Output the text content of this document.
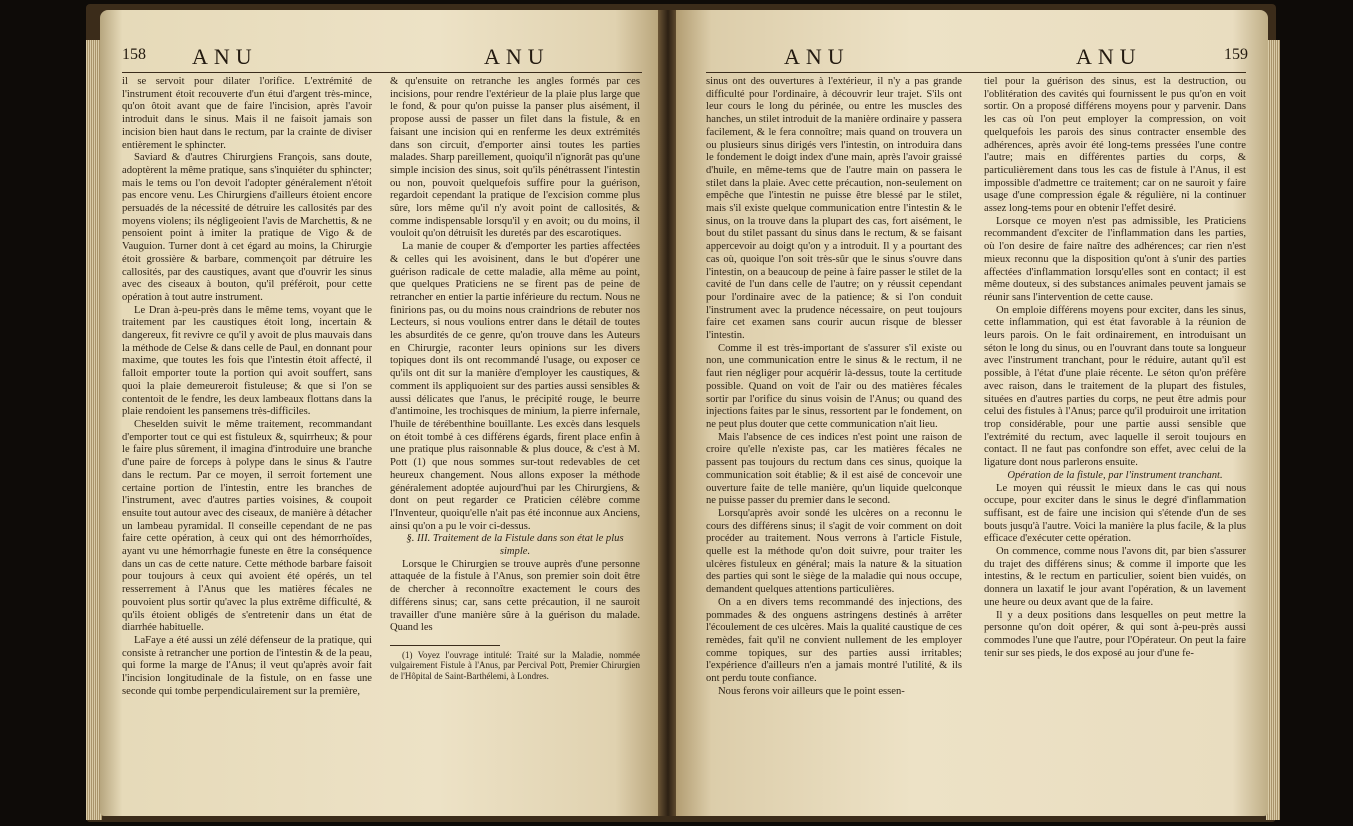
158 ANU	ANU

il se servoit pour dilater l'orifice. L'extrémité de l'instrument étoit recouverte d'un étui d'argent très-mince, qu'on ôtoit avant que de faire l'incision, après l'avoir introduit dans le sinus. Mais il ne faisoit jamais son incision bien haut dans le rectum, par la crainte de diviser entièrement le sphincter.

Saviard & d'autres Chirurgiens François, sans doute, adoptèrent la même pratique, sans s'inquiéter du sphincter; mais le tems ou l'on devoit l'adopter généralement n'étoit pas encore venu. Les Chirurgiens d'ailleurs étoient encore persuadés de la nécessité de détruire les callosités par des moyens violens; ils négligeoient l'avis de Marchettis, & ne pensoient point à imiter la pratique de Vigo & de Vauguion. Turner dont à cet égard au moins, la Chirurgie étoit grossière & barbare, commençoit par détruire les callosités, par des caustiques, avant que d'ouvrir les sinus avec des ciseaux à bouton, qu'il préféroit, pour cette opération à tout autre instrument.

Le Dran à-peu-près dans le même tems, voyant que le traitement par les caustiques étoit long, incertain & dangereux, fit revivre ce qu'il y avoit de plus mauvais dans la méthode de Celse & dans celle de Paul, en donnant pour maxime, que toutes les fois que l'intestin étoit affecté, il falloit emporter toute la portion qui avoit souffert, sans quoi la plaie demeureroit fistuleuse; & que si l'on se contentoit de le fendre, les deux lambeaux flottans dans la plaie rendoient les pansemens très-difficiles.

Cheselden suivit le même traitement, recommandant d'emporter tout ce qui est fistuleux &, squirrheux; & pour le faire plus sûrement, il imagina d'introduire une branche d'une paire de forceps à polype dans le sinus & l'autre dans le rectum. Par ce moyen, il serroit fortement une certaine portion de l'intestin, entre les branches de l'instrument, avec d'autres parties voisines, & coupoit ensuite tout autour avec des ciseaux, de manière à détacher un lambeau pyramidal. Il conseille cependant de ne pas faire cette opération, à ceux qui ont des hémorrhoïdes, ayant vu une hémorrhagie funeste en être la conséquence dans un cas de cette nature. Cette méthode barbare faisoit pour toujours à ceux qui avoient été opérés, un tel resserrement à l'Anus que les matières fécales ne pouvoient plus sortir qu'avec la plus extrême difficulté, & qu'ils étoient obligés de s'entretenir dans un état de diarrhée habituelle.

LaFaye a été aussi un zélé défenseur de la pratique, qui consiste à retrancher une portion de l'intestin & de la peau, qui forme la marge de l'Anus; il veut qu'après avoir fait l'incision longitudinale de la fistule, on en fasse une seconde qui tombe perpendiculairement sur la première,

& qu'ensuite on retranche les angles formés par ces incisions, pour rendre l'extérieur de la plaie plus large que le fond, & pour qu'on puisse la panser plus aisément, il propose aussi de passer un filet dans la fistule, & en faisant une incision qui en renferme les deux extrémités dans son circuit, d'emporter ainsi toutes les parties malades. Sharp pareillement, quoiqu'il n'ignorât pas qu'une simple incision des sinus, soit qu'ils pénétrassent l'intestin ou non, pouvoit quelquefois suffire pour la guérison, regardoit cependant la pratique de l'excision comme plus sûre, lors même qu'il n'y avoit point de callosités, & comme indispensable lorsqu'il y en avoit; ou du moins, il vouloit qu'on détruisît les duretés par des escarotiques.

La manie de couper & d'emporter les parties affectées & celles qui les avoisinent, dans le but d'opérer une guérison radicale de cette maladie, alla même au point, que quelques Praticiens ne se firent pas de peine de retrancher en entier la partie inférieure du rectum. Nous ne finirions pas, ou du moins nous craindrions de rebuter nos Lecteurs, si nous voulions entrer dans le détail de toutes les absurdités de ce genre, qu'on trouve dans les Auteurs en Chirurgie, raconter leurs opinions sur les divers topiques dont ils ont recommandé l'usage, ou exposer ce qu'ils ont dit sur la manière d'employer les caustiques, & comment ils appliquoient sur des parties aussi sensibles & aussi délicates que l'anus, le précipité rouge, le beurre d'antimoine, les trochisques de minium, la pierre infernale, l'huile de térébenthine bouillante. Les excès dans lesquels on étoit tombé à ces différens égards, firent place enfin à une pratique plus raisonnable & plus douce, & c'est à M. Pott (1) que nous sommes sur-tout redevables de cet heureux changement. Nous allons exposer la méthode généralement adoptée aujourd'hui par les Chirurgiens, & dont on peut regarder ce Praticien célèbre comme l'Inventeur, quoiqu'elle n'ait pas été inconnue aux Anciens, ainsi qu'on a pu le voir ci-dessus.

§. III. Traitement de la Fistule dans son état le plus simple.

Lorsque le Chirurgien se trouve auprès d'une personne attaquée de la fistule à l'Anus, son premier soin doit être de chercher à reconnoître exactement le cours des différens sinus; car, sans cette précaution, il ne sauroit travailler d'une manière sûre à la guérison du malade. Quand les

(1) Voyez l'ouvrage intitulé: Traité sur la Maladie, nommée vulgairement Fistule à l'Anus, par Percival Pott, Premier Chirurgien de l'Hôpital de Saint-Barthélemi, à Londres.

ANU	ANU	159

sinus ont des ouvertures à l'extérieur, il n'y a pas grande difficulté pour l'ordinaire, à découvrir leur trajet. S'ils ont leur cours le long du périnée, ou entre les muscles des hanches, un stilet introduit de la manière ordinaire y passera facilement, & le fera connoître; mais quand on trouvera un ou plusieurs sinus dirigés vers l'intestin, on introduira dans le fondement le doigt index d'une main, après l'avoir graissé d'huile, en même-tems que de l'autre main on passera le stilet dans la plaie. Avec cette précaution, non-seulement on empêche que l'intestin ne puisse être blessé par le stilet, mais s'il existe quelque communication entre l'intestin & le sinus, on la trouve dans la plupart des cas, fort aisément, le bout du stilet passant du sinus dans le rectum, & se faisant appercevoir au doigt qu'on y a introduit. Il y a pourtant des cas où, quoique l'on soit très-sûr que le sinus s'ouvre dans l'intestin, on a beaucoup de peine à faire passer le stilet de la cavité de l'un dans celle de l'autre; on y réussit cependant pour l'ordinaire avec de la patience; & si l'on conduit l'instrument avec la prudence nécessaire, on peut toujours faire cet examen sans courir aucun risque de blesser l'intestin.

Comme il est très-important de s'assurer s'il existe ou non, une communication entre le sinus & le rectum, il ne faut rien négliger pour acquérir là-dessus, toute la certitude possible. Quand on voit de l'air ou des matières fécales sortir par l'orifice du sinus voisin de l'Anus; ou quand des injections faites par le sinus, ressortent par le fondement, on ne peut plus douter que cette communication n'ait lieu.

Mais l'absence de ces indices n'est point une raison de croire qu'elle n'existe pas, car les matières fécales ne passent pas toujours du rectum dans ces sinus, quoique la communication soit établie; & il est aisé de concevoir une ouverture faite de telle manière, qu'un liquide quelconque ne puisse passer du premier dans le second.

Lorsqu'après avoir sondé les ulcères on a reconnu le cours des différens sinus; il s'agit de voir comment on doit procéder au traitement. Nous verrons à l'article Fistule, quelle est la méthode qu'on doit suivre, pour traiter les ulcères fistuleux en général; mais la nature & la situation des parties qui sont le siège de la maladie qui nous occupe, demandent quelques attentions particulières.

On a en divers tems recommandé des injections, des pommades & des onguens astringens destinés à arrêter l'écoulement de ces ulcères. Mais la qualité caustique de ces remèdes, fait qu'il ne convient nullement de les employer comme topiques, sur des parties aussi irritables; l'expérience d'ailleurs n'en a jamais montré l'utilité, & ils ont perdu toute confiance.

Nous ferons voir ailleurs que le point essen-

tiel pour la guérison des sinus, est la destruction, ou l'oblitération des cavités qui fournissent le pus qu'on en voit sortir. On a proposé différens moyens pour y parvenir. Dans les cas où l'on peut employer la compression, on voit quelquefois les parois des sinus contracter ensemble des adhérences, après avoir été long-tems pressées l'une contre l'autre; mais en différentes parties du corps, & particulièrement dans tous les cas de fistule à l'Anus, il est impossible d'admettre ce traitement; car on ne sauroit y faire usage d'une compression égale & régulière, ni la continuer assez long-tems pour en obtenir l'effet desiré.

Lorsque ce moyen n'est pas admissible, les Praticiens recommandent d'exciter de l'inflammation dans les parties, où l'on desire de faire naître des adhérences; car rien n'est mieux reconnu que la disposition qu'ont à s'unir des parties affectées d'inflammation lorsqu'elles sont en contact; il est même douteux, si des substances animales peuvent jamais se réunir sans l'intervention de cette cause.

On emploie différens moyens pour exciter, dans les sinus, cette inflammation, qui est état favorable à la réunion de leurs parois. On le fait ordinairement, en introduisant un séton le long du sinus, ou en l'ouvrant dans toute sa longueur avec l'instrument tranchant, pour le réduire, autant qu'il est possible, à l'état d'une plaie récente. Le séton qu'on préfère avec raison, dans le traitement de la plupart des fistules, situées en d'autres parties du corps, ne peut être admis pour celui des fistules à l'Anus; parce qu'il produiroit une irritation trop considérable, pour une partie aussi sensible que l'extrémité du rectum, avec laquelle il seroit toujours en contact. Il ne faut pas confondre son effet, avec celui de la ligature dont nous parlerons ensuite.

Opération de la fistule, par l'instrument tranchant.

Le moyen qui réussit le mieux dans le cas qui nous occupe, pour exciter dans le sinus le degré d'inflammation suffisant, est de faire une incision qui s'étende d'un de ses bouts jusqu'à l'autre. Voici la manière la plus facile, & la plus efficace d'exécuter cette opération.

On commence, comme nous l'avons dit, par bien s'assurer du trajet des différens sinus; & comme il importe que les intestins, & le rectum en particulier, soient bien vuidés, on donnera un laxatif le jour avant l'opération, & un lavement une heure ou deux avant que de la faire.

Il y a deux positions dans lesquelles on peut mettre la personne qu'on doit opérer, & qui sont à-peu-près aussi commodes l'une que l'autre, pour l'Opérateur. On peut la faire tenir sur ses pieds, le dos exposé au jour d'une fe-
